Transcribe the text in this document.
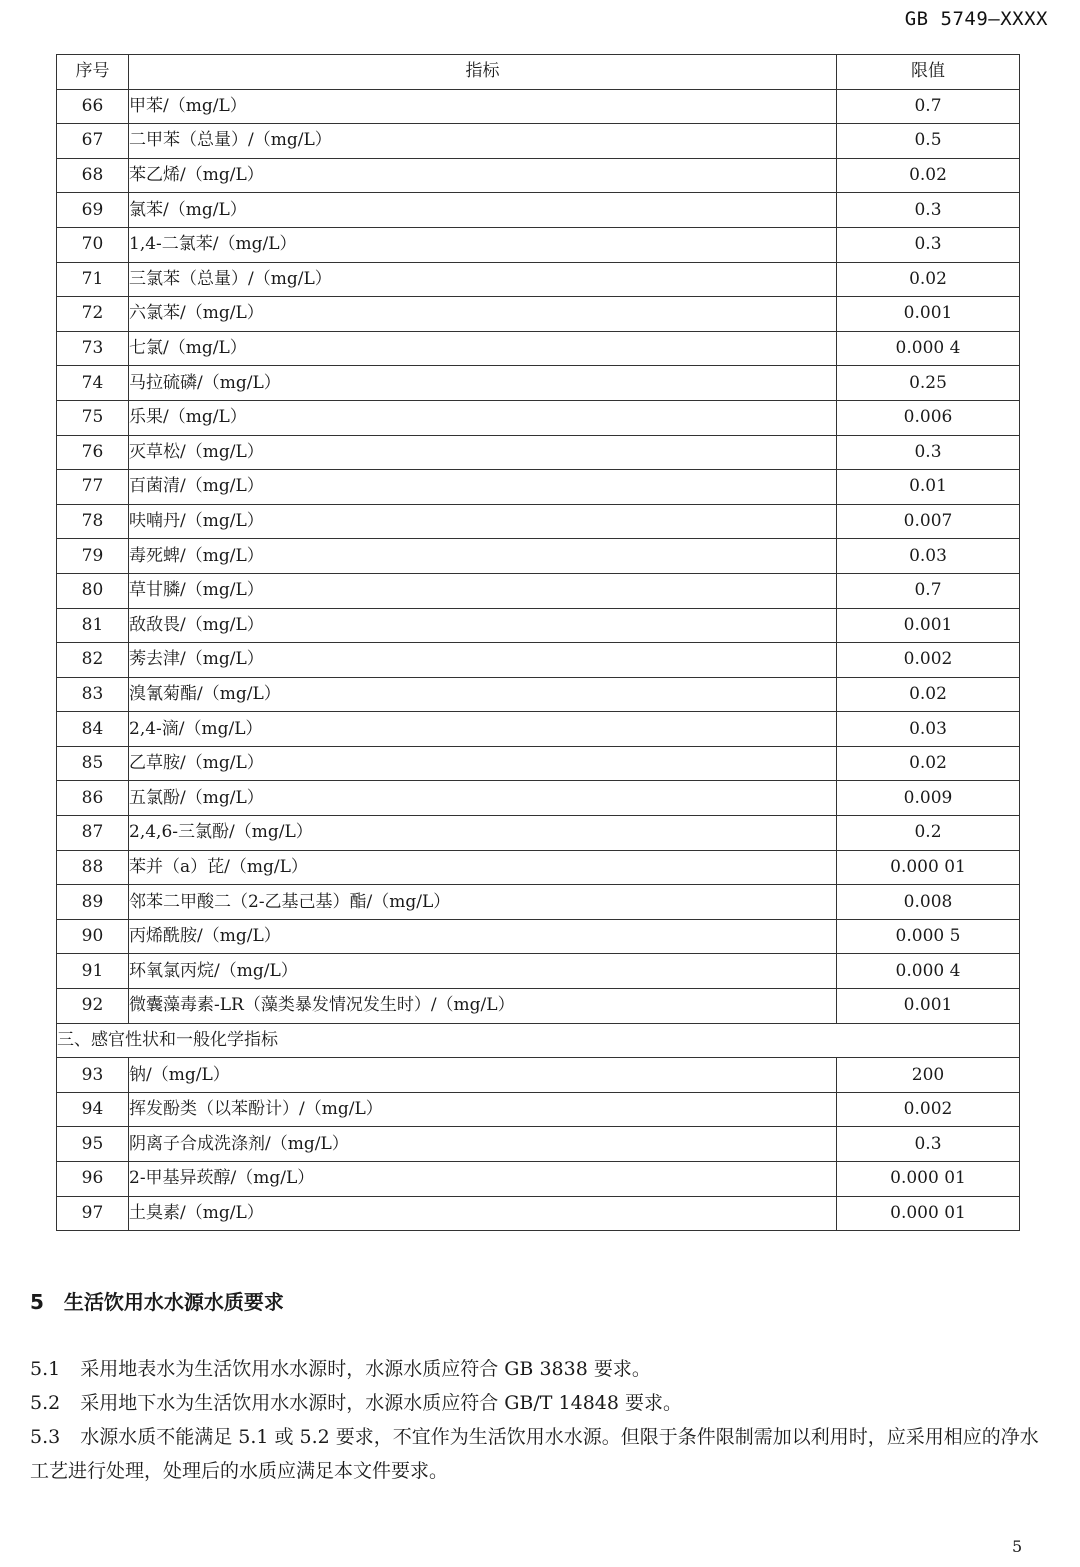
GB 5749—XXXX
序号	指标	限值
66	甲苯/（mg/L）	0.7
67	二甲苯（总量）/（mg/L）	0.5
68	苯乙烯/（mg/L）	0.02
69	氯苯/（mg/L）	0.3
70	1,4-二氯苯/（mg/L）	0.3
71	三氯苯（总量）/（mg/L）	0.02
72	六氯苯/（mg/L）	0.001
73	七氯/（mg/L）	0.000 4
74	马拉硫磷/（mg/L）	0.25
75	乐果/（mg/L）	0.006
76	灭草松/（mg/L）	0.3
77	百菌清/（mg/L）	0.01
78	呋喃丹/（mg/L）	0.007
79	毒死蜱/（mg/L）	0.03
80	草甘膦/（mg/L）	0.7
81	敌敌畏/（mg/L）	0.001
82	莠去津/（mg/L）	0.002
83	溴氰菊酯/（mg/L）	0.02
84	2,4-滴/（mg/L）	0.03
85	乙草胺/（mg/L）	0.02
86	五氯酚/（mg/L）	0.009
87	2,4,6-三氯酚/（mg/L）	0.2
88	苯并（a）芘/（mg/L）	0.000 01
89	邻苯二甲酸二（2-乙基己基）酯/（mg/L）	0.008
90	丙烯酰胺/（mg/L）	0.000 5
91	环氧氯丙烷/（mg/L）	0.000 4
92	微囊藻毒素-LR（藻类暴发情况发生时）/（mg/L）	0.001
三、感官性状和一般化学指标		
93	钠/（mg/L）	200
94	挥发酚类（以苯酚计）/（mg/L）	0.002
95	阴离子合成洗涤剂/（mg/L）	0.3
96	2-甲基异莰醇/（mg/L）	0.000 01
97	土臭素/（mg/L）	0.000 01
5 生活饮用水水源水质要求

5.1 采用地表水为生活饮用水水源时，水源水质应符合 GB 3838 要求。

5.2 采用地下水为生活饮用水水源时，水源水质应符合 GB/T 14848 要求。

5.3 水源水质不能满足 5.1 或 5.2 要求，不宜作为生活饮用水水源。但限于条件限制需加以利用时，应采用相应的净水工艺进行处理，处理后的水质应满足本文件要求。

5
